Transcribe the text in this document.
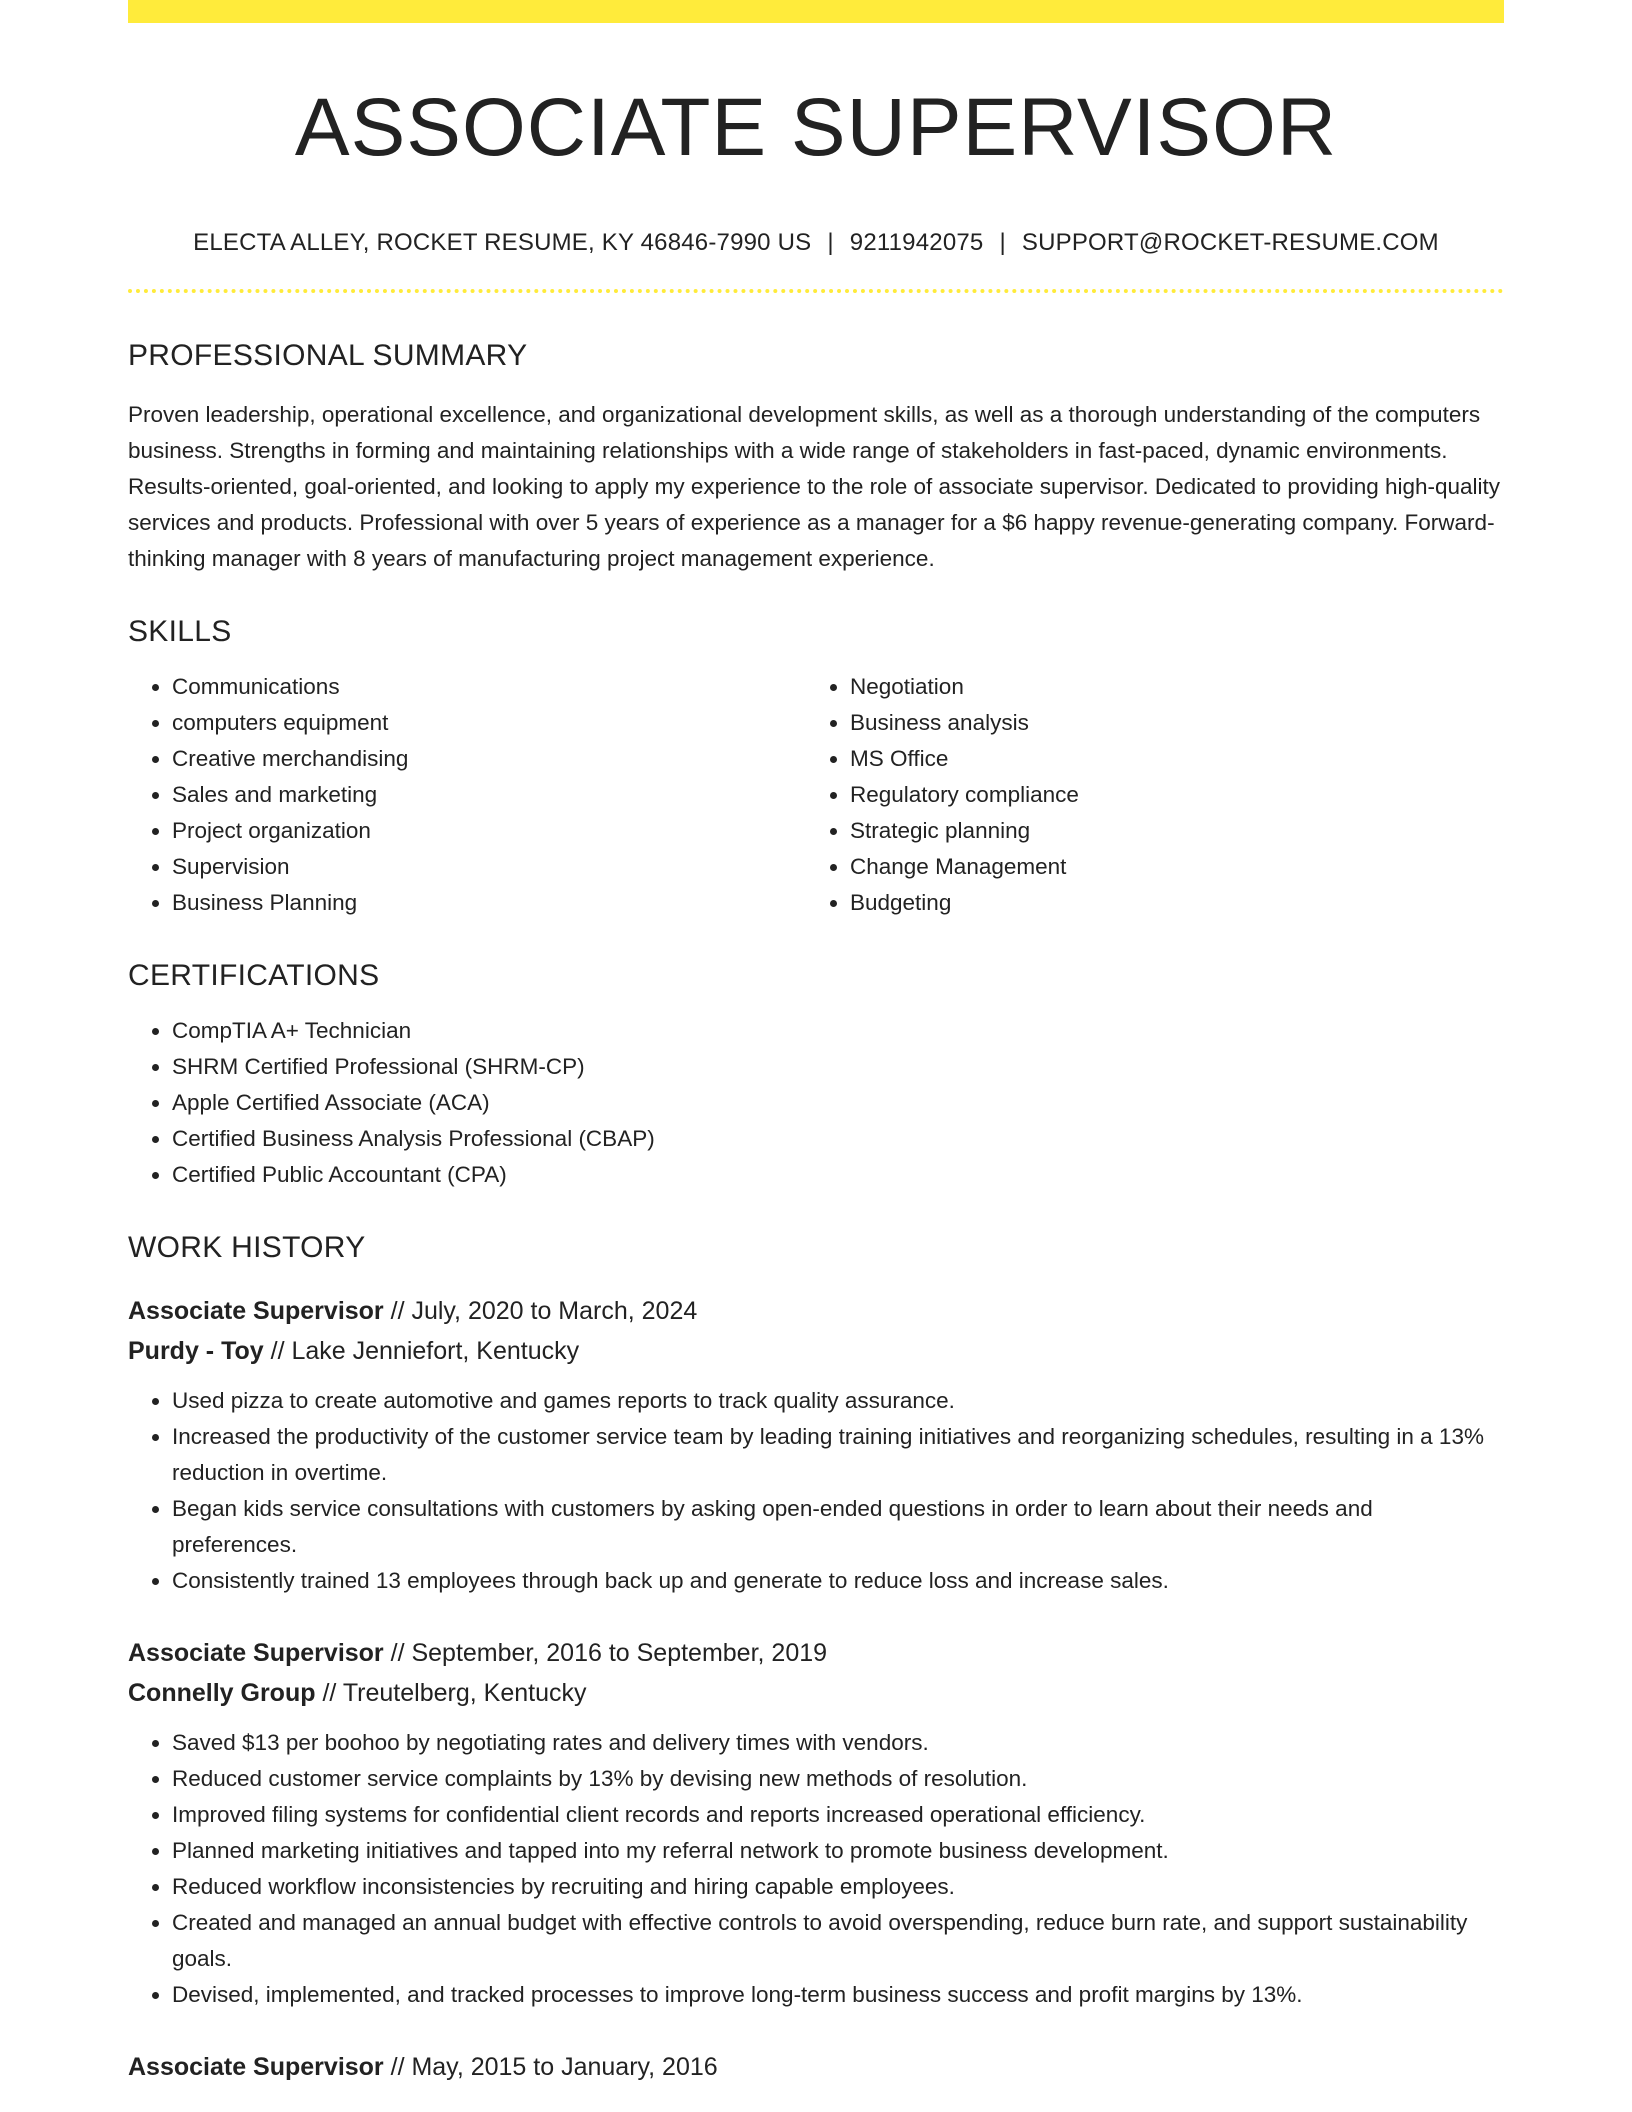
ASSOCIATE SUPERVISOR
ELECTA ALLEY, ROCKET RESUME, KY 46846-7990 US | 9211942075 | SUPPORT@ROCKET-RESUME.COM
PROFESSIONAL SUMMARY

Proven leadership, operational excellence, and organizational development skills, as well as a thorough understanding of the computers business. Strengths in forming and maintaining relationships with a wide range of stakeholders in fast-paced, dynamic environments. Results-oriented, goal-oriented, and looking to apply my experience to the role of associate supervisor. Dedicated to providing high-quality services and products. Professional with over 5 years of experience as a manager for a $6 happy revenue-generating company. Forward-thinking manager with 8 years of manufacturing project management experience.

SKILLS
• Communications
• computers equipment
• Creative merchandising
• Sales and marketing
• Project organization
• Supervision
• Business Planning
• Negotiation
• Business analysis
• MS Office
• Regulatory compliance
• Strategic planning
• Change Management
• Budgeting
CERTIFICATIONS
• CompTIA A+ Technician
• SHRM Certified Professional (SHRM-CP)
• Apple Certified Associate (ACA)
• Certified Business Analysis Professional (CBAP)
• Certified Public Accountant (CPA)
WORK HISTORY
Associate Supervisor // July, 2020 to March, 2024
Purdy - Toy // Lake Jenniefort, Kentucky
• Used pizza to create automotive and games reports to track quality assurance.
• Increased the productivity of the customer service team by leading training initiatives and reorganizing schedules, resulting in a 13% reduction in overtime.
• Began kids service consultations with customers by asking open-ended questions in order to learn about their needs and preferences.
• Consistently trained 13 employees through back up and generate to reduce loss and increase sales.
Associate Supervisor // September, 2016 to September, 2019
Connelly Group // Treutelberg, Kentucky
• Saved $13 per boohoo by negotiating rates and delivery times with vendors.
• Reduced customer service complaints by 13% by devising new methods of resolution.
• Improved filing systems for confidential client records and reports increased operational efficiency.
• Planned marketing initiatives and tapped into my referral network to promote business development.
• Reduced workflow inconsistencies by recruiting and hiring capable employees.
• Created and managed an annual budget with effective controls to avoid overspending, reduce burn rate, and support sustainability goals.
• Devised, implemented, and tracked processes to improve long-term business success and profit margins by 13%.
Associate Supervisor // May, 2015 to January, 2016
